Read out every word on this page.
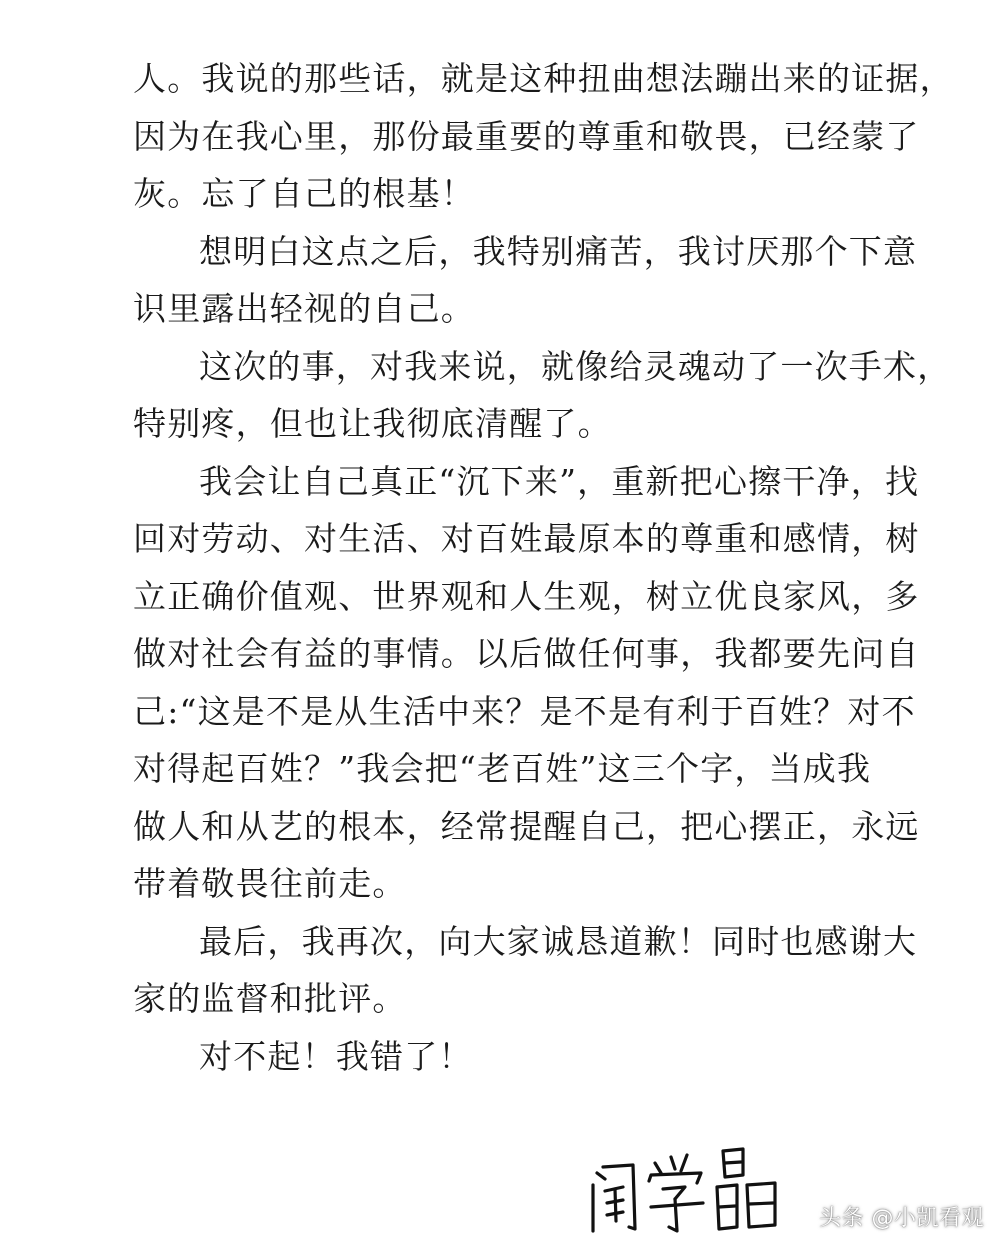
人。我说的那些话，就是这种扭曲想法蹦出来的证据，
因为在我心里，那份最重要的尊重和敬畏，已经蒙了
灰。忘了自己的根基！
想明白这点之后，我特别痛苦，我讨厌那个下意
识里露出轻视的自己。
这次的事，对我来说，就像给灵魂动了一次手术，
特别疼，但也让我彻底清醒了。
我会让自己真正“沉下来”，重新把心擦干净，找
回对劳动、对生活、对百姓最原本的尊重和感情，树
立正确价值观、世界观和人生观，树立优良家风，多
做对社会有益的事情。以后做任何事，我都要先问自
己:“这是不是从生活中来？是不是有利于百姓？对不
对得起百姓？”我会把“老百姓”这三个字，当成我
做人和从艺的根本，经常提醒自己，把心摆正，永远
带着敬畏往前走。
最后，我再次，向大家诚恳道歉！同时也感谢大
家的监督和批评。
对不起！我错了！
头条 @小凯看观
